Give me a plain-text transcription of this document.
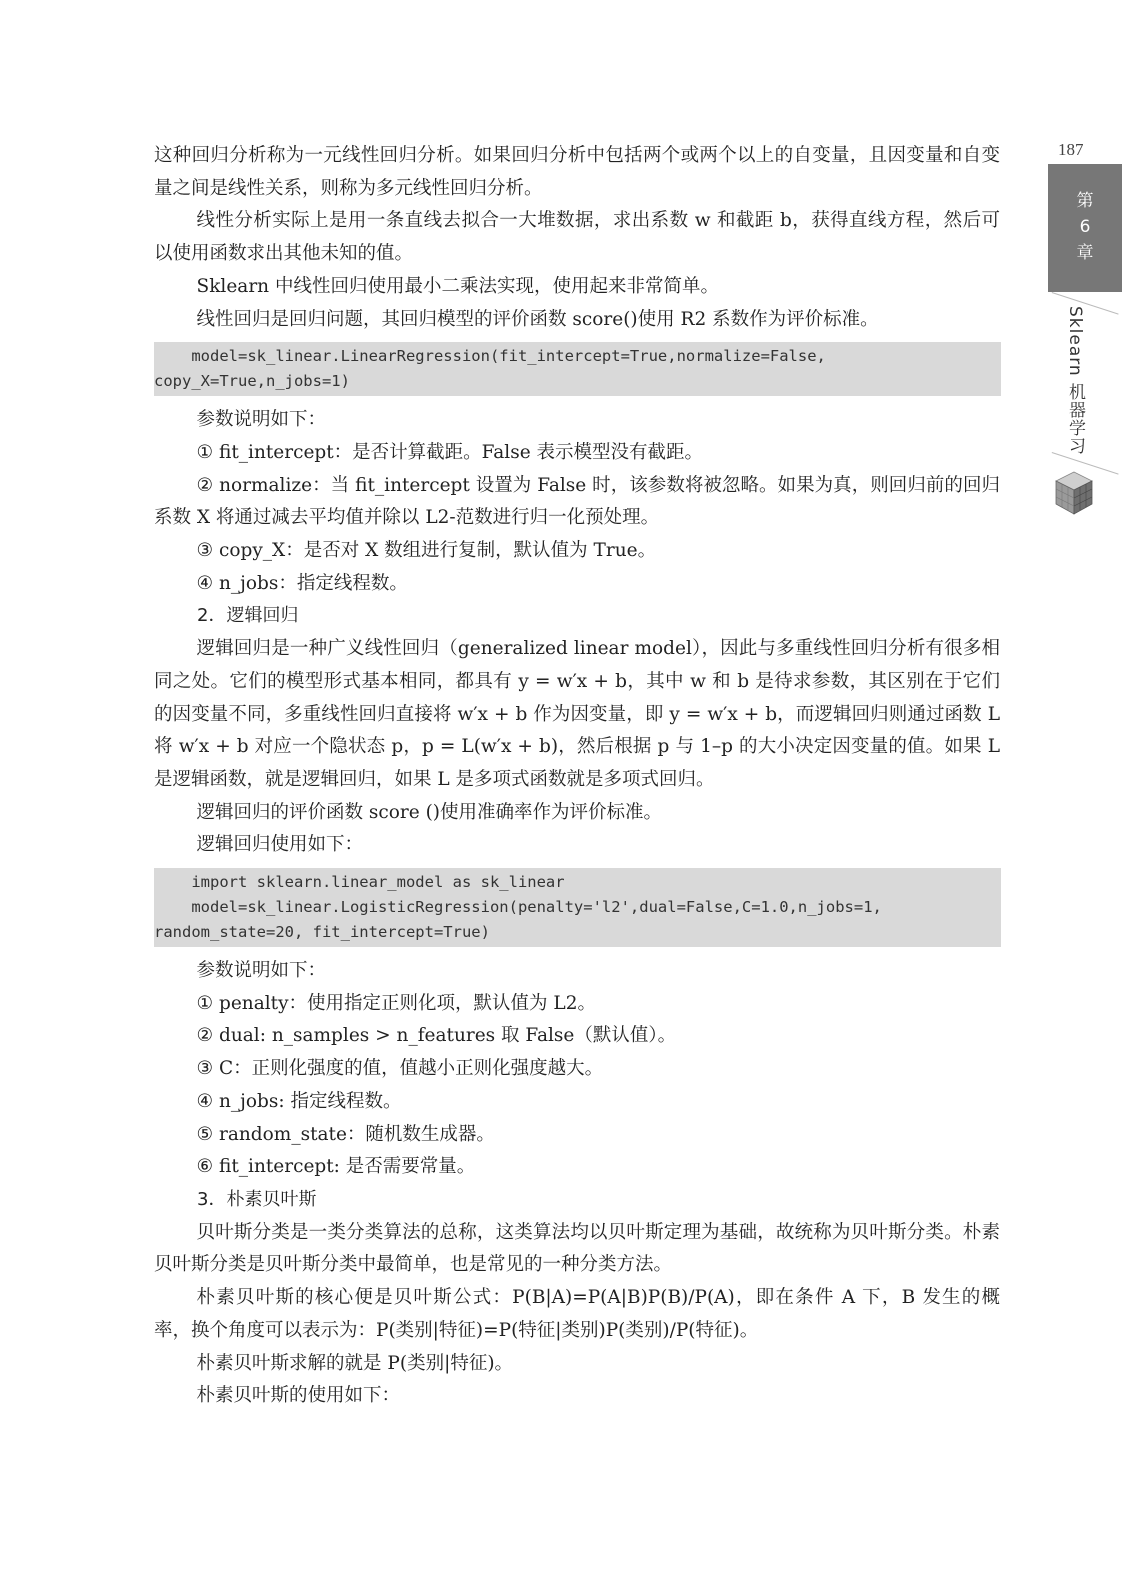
187
第
6
章
Sklearn 机器学习

这种回归分析称为一元线性回归分析。如果回归分析中包括两个或两个以上的自变量，且因变量和自变量之间是线性关系，则称为多元线性回归分析。

线性分析实际上是用一条直线去拟合一大堆数据，求出系数 w 和截距 b，获得直线方程，然后可以使用函数求出其他未知的值。

Sklearn 中线性回归使用最小二乘法实现，使用起来非常简单。

线性回归是回归问题，其回归模型的评价函数 score()使用 R2 系数作为评价标准。

model=sk_linear.LinearRegression(fit_intercept=True,normalize=False,
copy_X=True,n_jobs=1)

参数说明如下：

① fit_intercept：是否计算截距。False 表示模型没有截距。

② normalize：当 fit_intercept 设置为 False 时，该参数将被忽略。如果为真，则回归前的回归系数 X 将通过减去平均值并除以 L2-范数进行归一化预处理。

③ copy_X：是否对 X 数组进行复制，默认值为 True。

④ n_jobs：指定线程数。

2．逻辑回归

逻辑回归是一种广义线性回归（generalized linear model），因此与多重线性回归分析有很多相同之处。它们的模型形式基本相同，都具有 y = w′x + b，其中 w 和 b 是待求参数，其区别在于它们的因变量不同，多重线性回归直接将 w′x + b 作为因变量，即 y = w′x + b，而逻辑回归则通过函数 L 将 w′x + b 对应一个隐状态 p，p = L(w′x + b)，然后根据 p 与 1–p 的大小决定因变量的值。如果 L 是逻辑函数，就是逻辑回归，如果 L 是多项式函数就是多项式回归。

逻辑回归的评价函数 score ()使用准确率作为评价标准。

逻辑回归使用如下：

import sklearn.linear_model as sk_linear
model=sk_linear.LogisticRegression(penalty='l2',dual=False,C=1.0,n_jobs=1,
random_state=20, fit_intercept=True)

参数说明如下：

① penalty：使用指定正则化项，默认值为 L2。

② dual: n_samples > n_features 取 False（默认值）。

③ C：正则化强度的值，值越小正则化强度越大。

④ n_jobs: 指定线程数。

⑤ random_state：随机数生成器。

⑥ fit_intercept: 是否需要常量。

3．朴素贝叶斯

贝叶斯分类是一类分类算法的总称，这类算法均以贝叶斯定理为基础，故统称为贝叶斯分类。朴素贝叶斯分类是贝叶斯分类中最简单，也是常见的一种分类方法。

朴素贝叶斯的核心便是贝叶斯公式：P(B|A)=P(A|B)P(B)/P(A)，即在条件 A 下，B 发生的概率，换个角度可以表示为：P(类别|特征)=P(特征|类别)P(类别)/P(特征)。

朴素贝叶斯求解的就是 P(类别|特征)。

朴素贝叶斯的使用如下：
